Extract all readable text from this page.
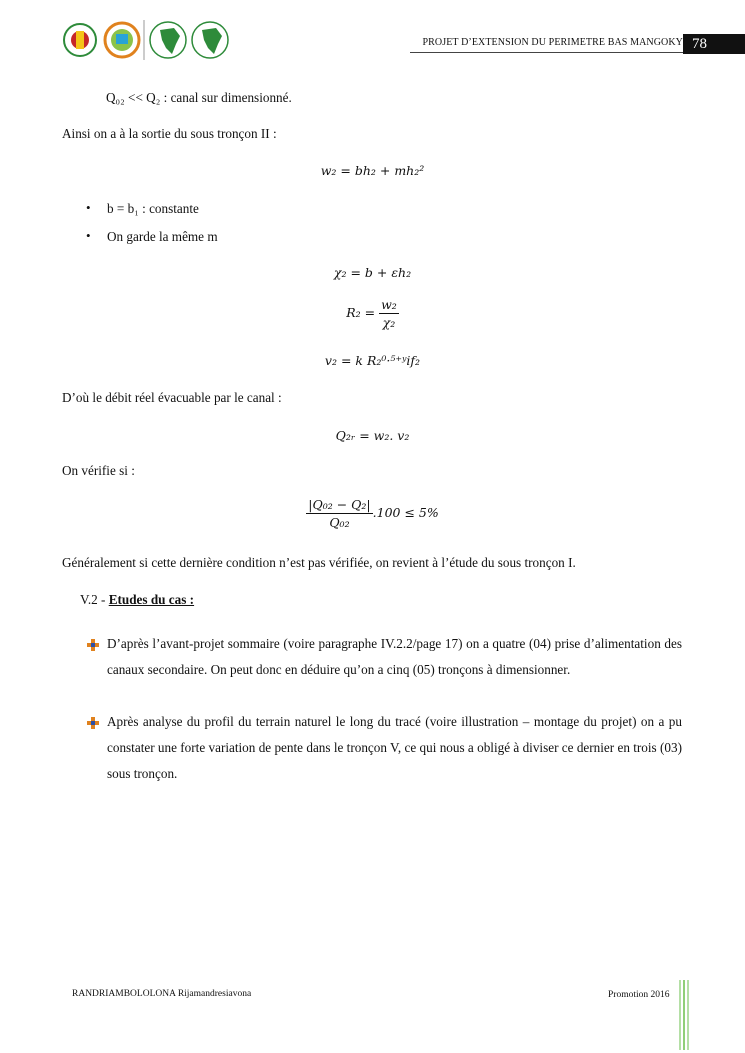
PROJET D’EXTENSION DU PERIMETRE BAS MANGOKY 78
Q₀₂ << Q₂ : canal sur dimensionné.
Ainsi on a à la sortie du sous tronçon II :
w₂ = bh₂ + mh₂²
• b = b₁ : constante
• On garde la même m
χ₂ = b + εh₂
$R_2 = \frac{\text{w₂}}{\text{χ₂}}$
v₂ = k R₂⁰·⁵⁺ʸif₂
D’où le débit réel évacuable par le canal :
Q₂ᵣ = w₂. v₂
On vérifie si :
$\frac{\text{|Q₀₂ − Q₂|}}{\text{Q₀₂}} .100 \le 5\%$
Généralement si cette dernière condition n’est pas vérifiée, on revient à l’étude du sous tronçon I.
V.2 - Etudes du cas :
D’après l’avant-projet sommaire (voire paragraphe IV.2.2/page 17) on a quatre (04) prise d’alimentation des canaux secondaire. On peut donc en déduire qu’on a cinq (05) tronçons à dimensionner.
Après analyse du profil du terrain naturel le long du tracé (voire illustration – montage du projet) on a pu constater une forte variation de pente dans le tronçon V, ce qui nous a obligé à diviser ce dernier en trois (03) sous tronçon.
RANDRIAMBOLOLONA Rijamandresiavona	Promotion 2016
